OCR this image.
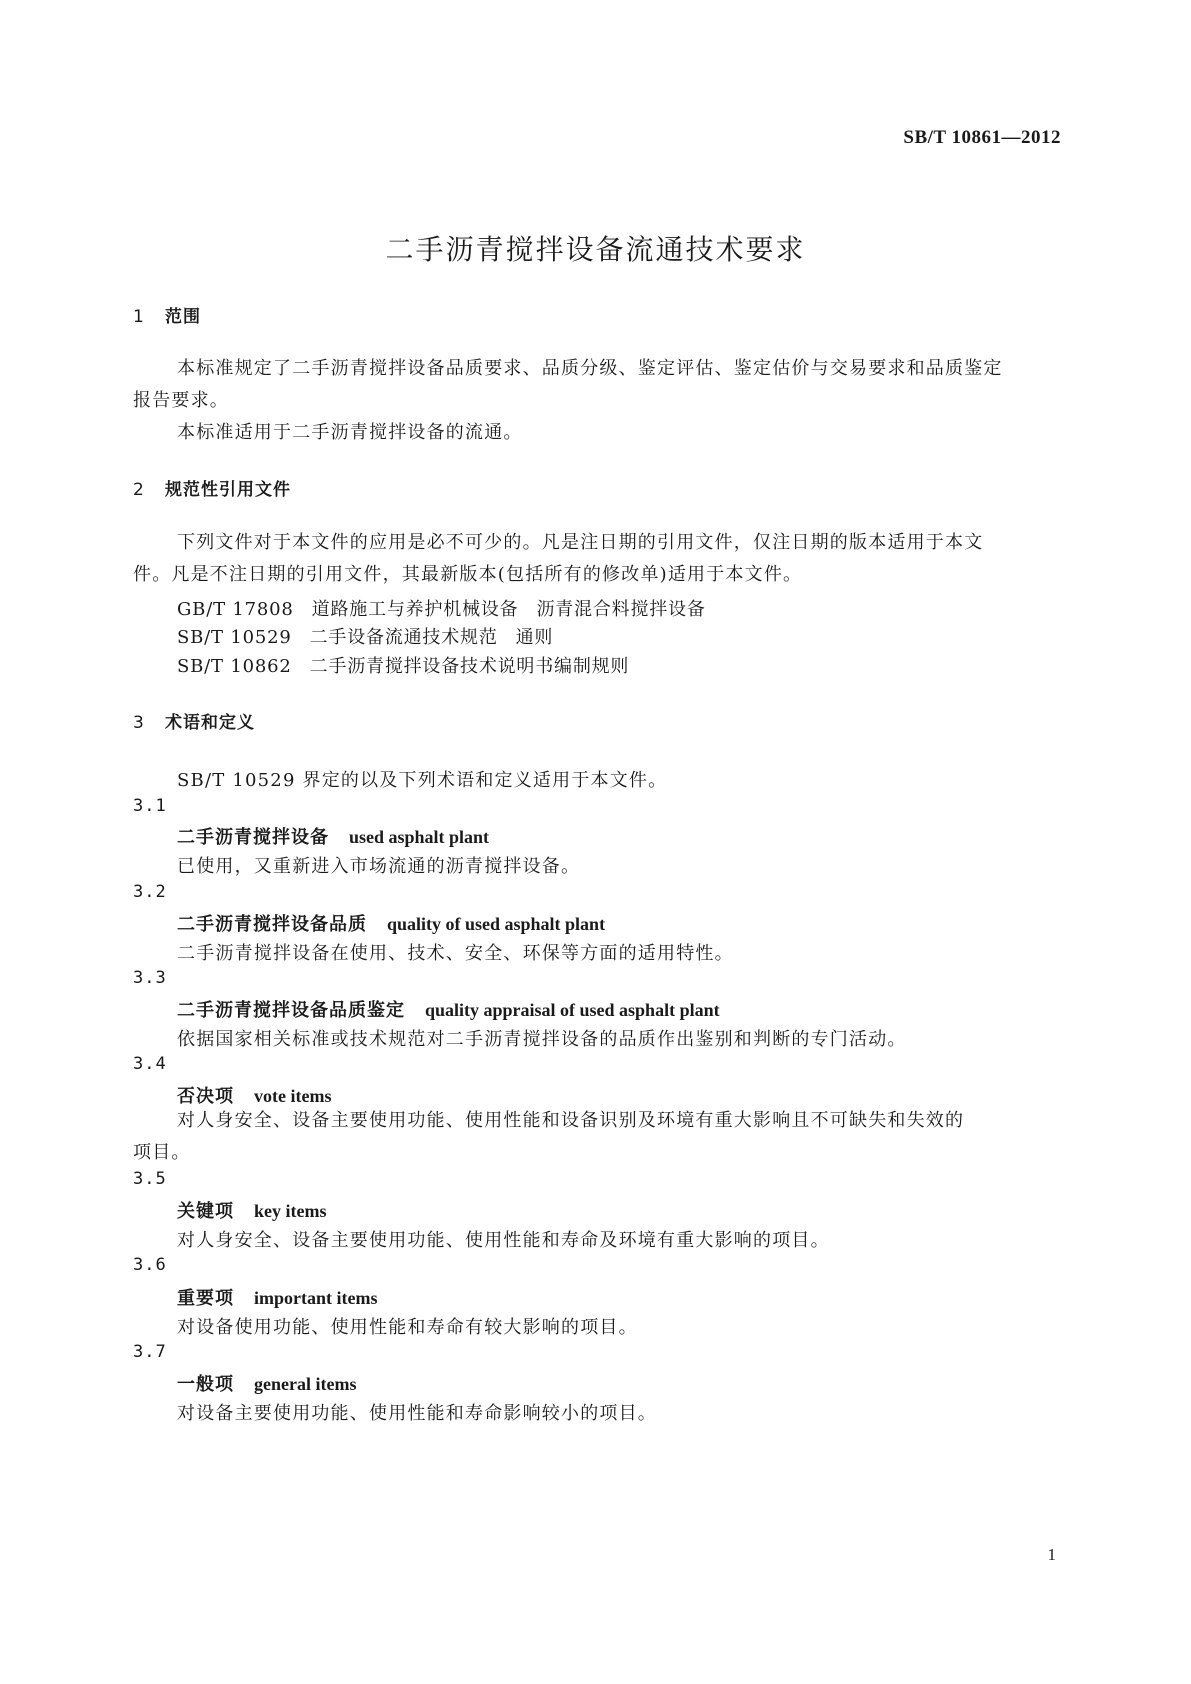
SB/T 10861—2012
二手沥青搅拌设备流通技术要求
1 范围
本标准规定了二手沥青搅拌设备品质要求、品质分级、鉴定评估、鉴定估价与交易要求和品质鉴定
报告要求。
本标准适用于二手沥青搅拌设备的流通。
2 规范性引用文件
下列文件对于本文件的应用是必不可少的。凡是注日期的引用文件，仅注日期的版本适用于本文
件。凡是不注日期的引用文件，其最新版本(包括所有的修改单)适用于本文件。
GB/T 17808 道路施工与养护机械设备 沥青混合料搅拌设备
SB/T 10529 二手设备流通技术规范 通则
SB/T 10862 二手沥青搅拌设备技术说明书编制规则
3 术语和定义
SB/T 10529 界定的以及下列术语和定义适用于本文件。
3.1
二手沥青搅拌设备 used asphalt plant
已使用，又重新进入市场流通的沥青搅拌设备。
3.2
二手沥青搅拌设备品质 quality of used asphalt plant
二手沥青搅拌设备在使用、技术、安全、环保等方面的适用特性。
3.3
二手沥青搅拌设备品质鉴定 quality appraisal of used asphalt plant
依据国家相关标准或技术规范对二手沥青搅拌设备的品质作出鉴别和判断的专门活动。
3.4
否决项 vote items
对人身安全、设备主要使用功能、使用性能和设备识别及环境有重大影响且不可缺失和失效的
项目。
3.5
关键项 key items
对人身安全、设备主要使用功能、使用性能和寿命及环境有重大影响的项目。
3.6
重要项 important items
对设备使用功能、使用性能和寿命有较大影响的项目。
3.7
一般项 general items
对设备主要使用功能、使用性能和寿命影响较小的项目。
1
